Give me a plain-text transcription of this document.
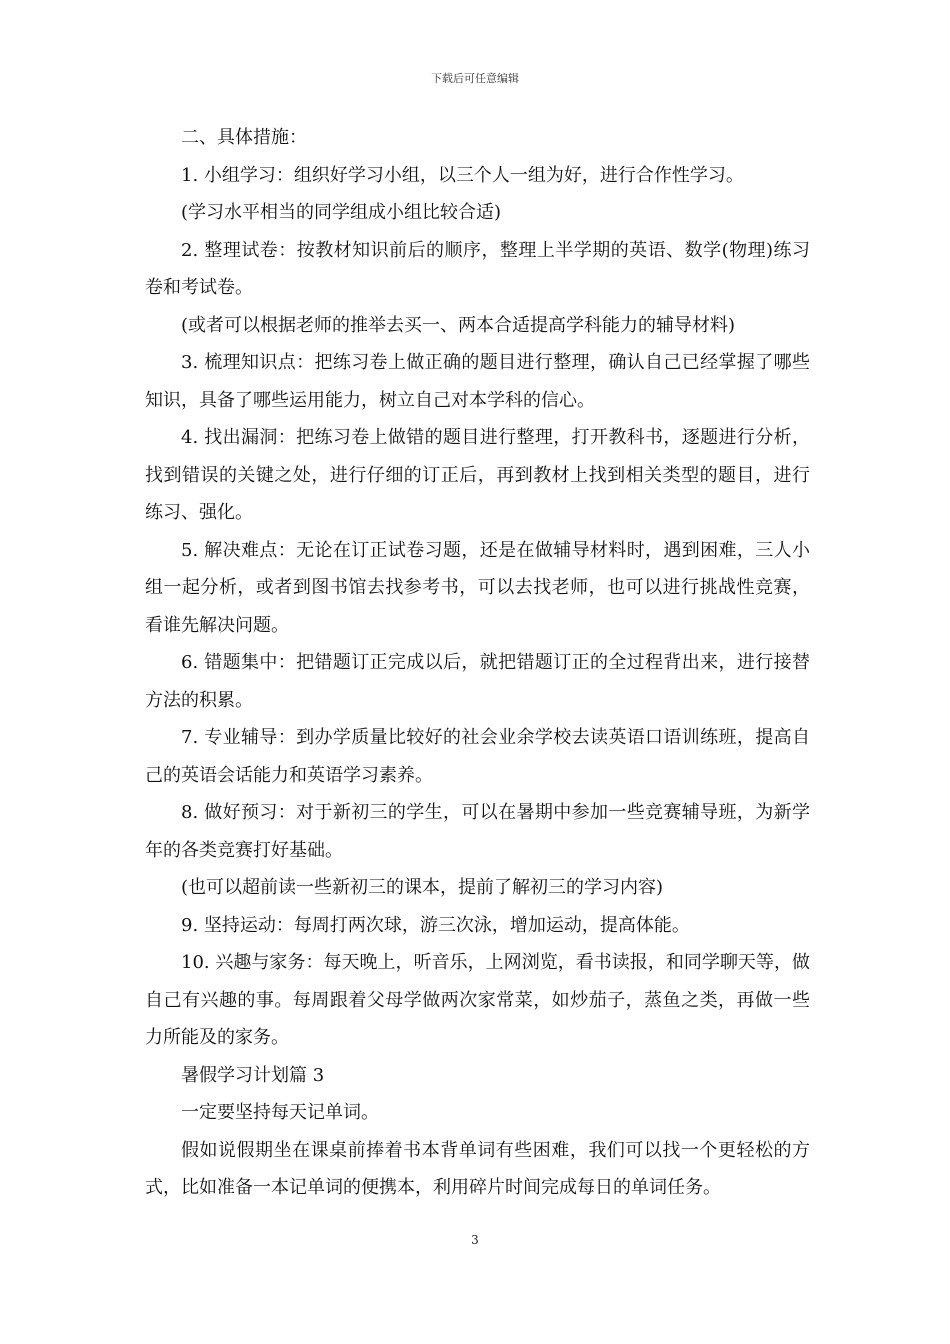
下载后可任意编辑

二、具体措施：

1. 小组学习：组织好学习小组，以三个人一组为好，进行合作性学习。

(学习水平相当的同学组成小组比较合适)

2. 整理试卷：按教材知识前后的顺序，整理上半学期的英语、数学(物理)练习卷和考试卷。

(或者可以根据老师的推举去买一、两本合适提高学科能力的辅导材料)

3. 梳理知识点：把练习卷上做正确的题目进行整理，确认自己已经掌握了哪些知识，具备了哪些运用能力，树立自己对本学科的信心。

4. 找出漏洞：把练习卷上做错的题目进行整理，打开教科书，逐题进行分析，找到错误的关键之处，进行仔细的订正后，再到教材上找到相关类型的题目，进行练习、强化。

5. 解决难点：无论在订正试卷习题，还是在做辅导材料时，遇到困难，三人小组一起分析，或者到图书馆去找参考书，可以去找老师，也可以进行挑战性竞赛，看谁先解决问题。

6. 错题集中：把错题订正完成以后，就把错题订正的全过程背出来，进行接替方法的积累。

7. 专业辅导：到办学质量比较好的社会业余学校去读英语口语训练班，提高自己的英语会话能力和英语学习素养。

8. 做好预习：对于新初三的学生，可以在暑期中参加一些竞赛辅导班，为新学年的各类竞赛打好基础。

(也可以超前读一些新初三的课本，提前了解初三的学习内容)

9. 坚持运动：每周打两次球，游三次泳，增加运动，提高体能。

10. 兴趣与家务：每天晚上，听音乐，上网浏览，看书读报，和同学聊天等，做自己有兴趣的事。每周跟着父母学做两次家常菜，如炒茄子，蒸鱼之类，再做一些力所能及的家务。

暑假学习计划篇 3

一定要坚持每天记单词。

假如说假期坐在课桌前捧着书本背单词有些困难，我们可以找一个更轻松的方式，比如准备一本记单词的便携本，利用碎片时间完成每日的单词任务。

3
